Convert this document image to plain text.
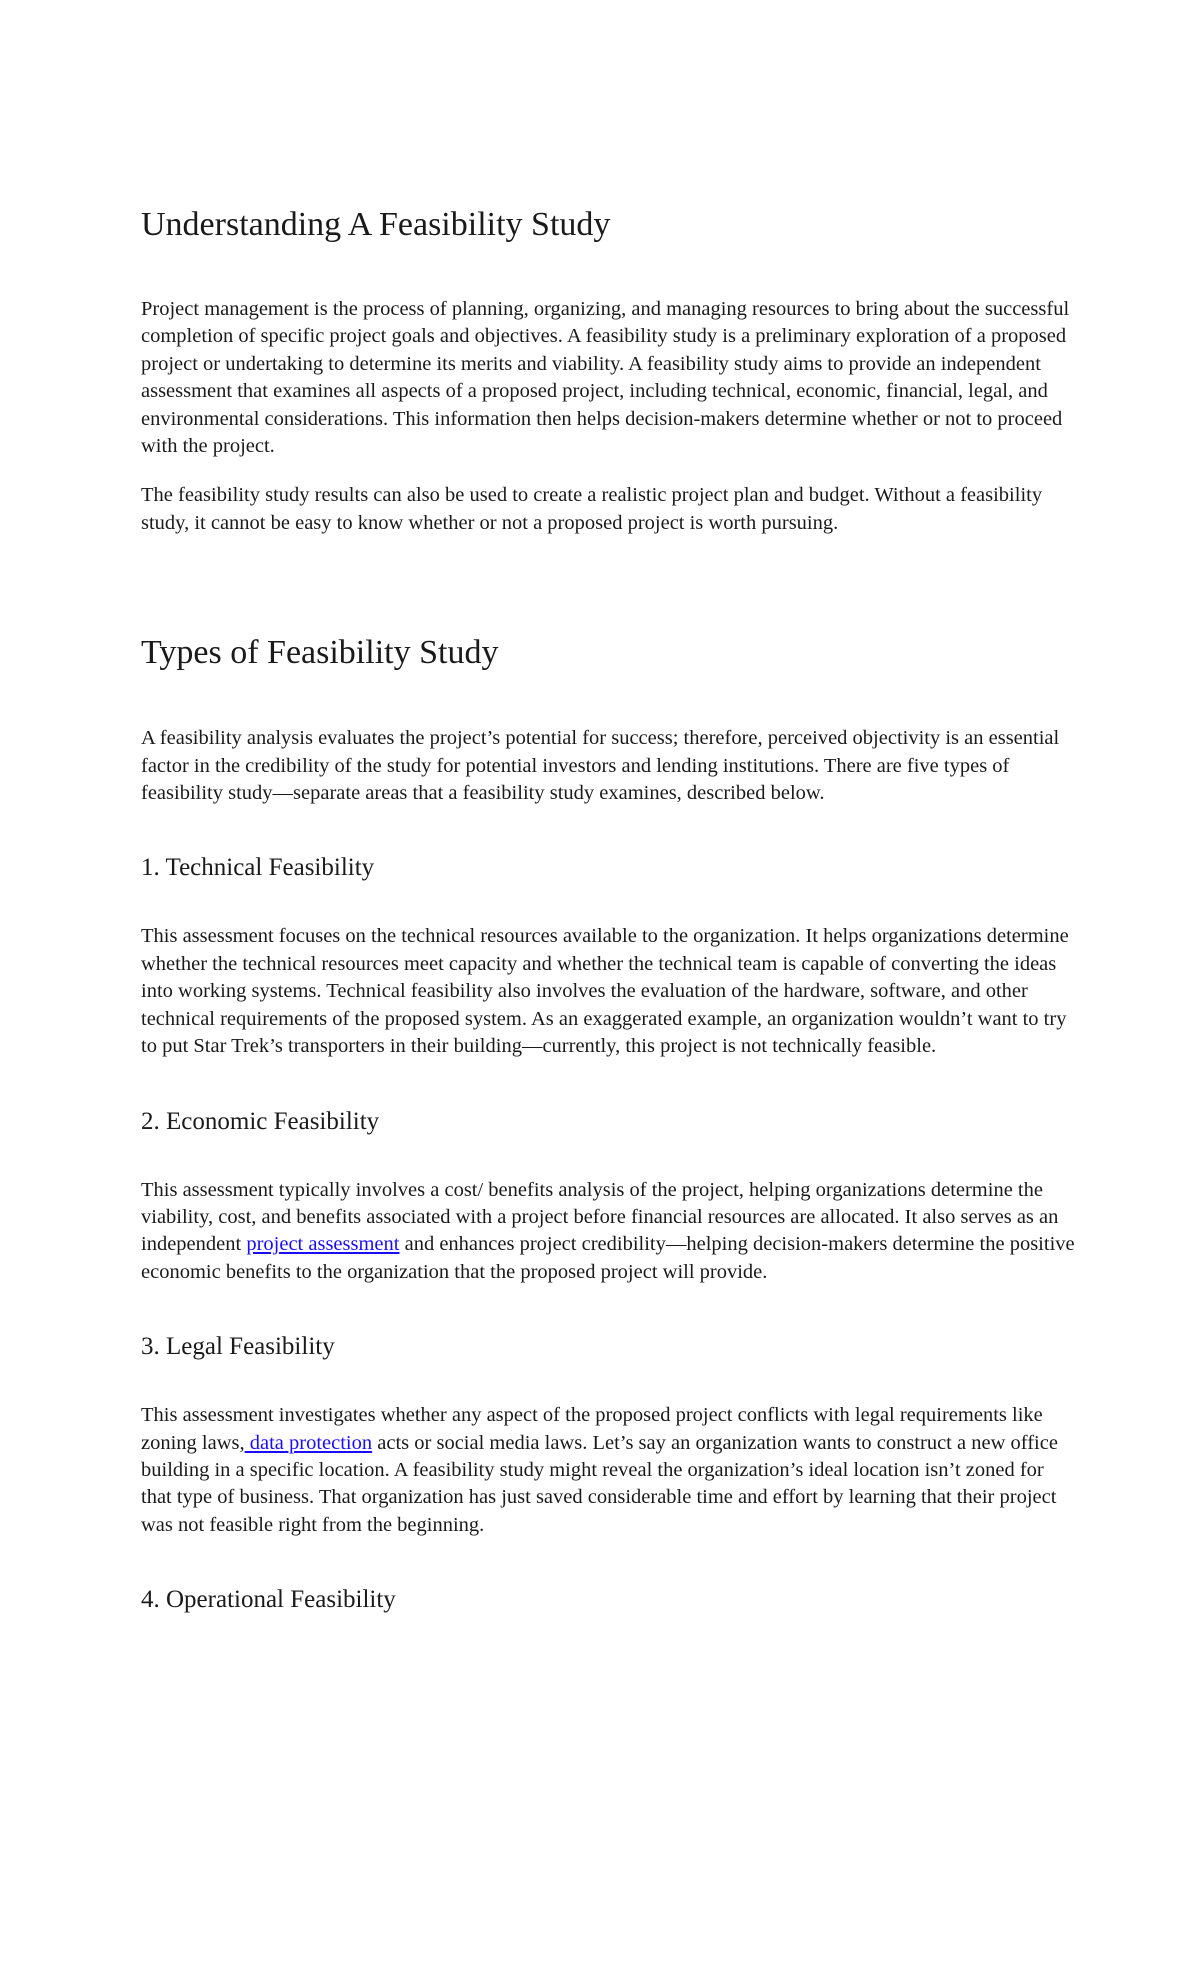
Understanding A Feasibility Study

Project management is the process of planning, organizing, and managing resources to bring about the successful completion of specific project goals and objectives. A feasibility study is a preliminary exploration of a proposed project or undertaking to determine its merits and viability. A feasibility study aims to provide an independent assessment that examines all aspects of a proposed project, including technical, economic, financial, legal, and environmental considerations. This information then helps decision-makers determine whether or not to proceed with the project.

The feasibility study results can also be used to create a realistic project plan and budget. Without a feasibility study, it cannot be easy to know whether or not a proposed project is worth pursuing.

Types of Feasibility Study

A feasibility analysis evaluates the project’s potential for success; therefore, perceived objectivity is an essential factor in the credibility of the study for potential investors and lending institutions. There are five types of feasibility study—separate areas that a feasibility study examines, described below.

1. Technical Feasibility

This assessment focuses on the technical resources available to the organization. It helps organizations determine whether the technical resources meet capacity and whether the technical team is capable of converting the ideas into working systems. Technical feasibility also involves the evaluation of the hardware, software, and other technical requirements of the proposed system. As an exaggerated example, an organization wouldn’t want to try to put Star Trek’s transporters in their building—currently, this project is not technically feasible.

2. Economic Feasibility

This assessment typically involves a cost/ benefits analysis of the project, helping organizations determine the viability, cost, and benefits associated with a project before financial resources are allocated. It also serves as an independent project assessment and enhances project credibility—helping decision-makers determine the positive economic benefits to the organization that the proposed project will provide.

3. Legal Feasibility

This assessment investigates whether any aspect of the proposed project conflicts with legal requirements like zoning laws, data protection acts or social media laws. Let’s say an organization wants to construct a new office building in a specific location. A feasibility study might reveal the organization’s ideal location isn’t zoned for that type of business. That organization has just saved considerable time and effort by learning that their project was not feasible right from the beginning.

4. Operational Feasibility
